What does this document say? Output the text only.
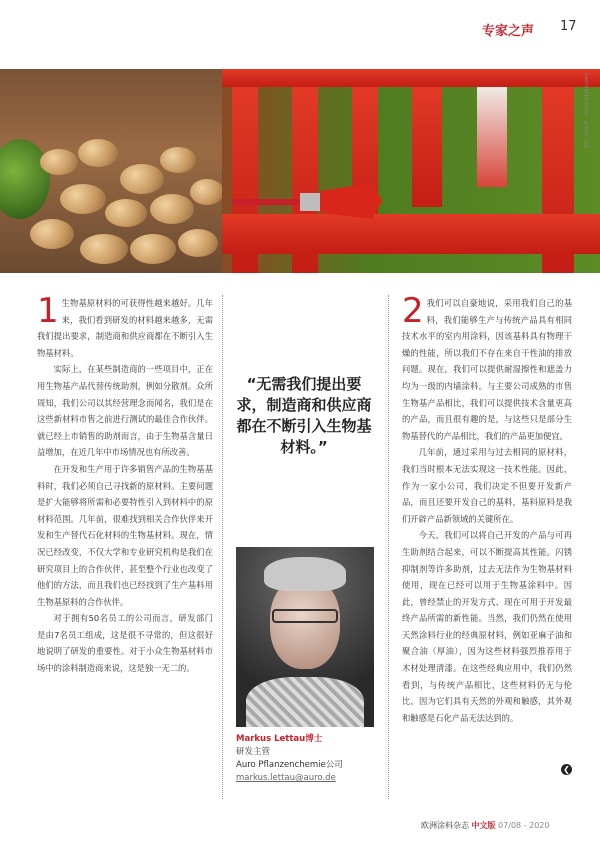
专家之声 17
图片 Inna V · stock.adobe.com

1 生物基原材料的可获得性越来越好。几年来，我们看到研发的材料越来越多，无需我们提出要求，制造商和供应商都在不断引入生物基材料。

实际上，在某些制造商的一些项目中，正在用生物基产品代替传统助剂，例如分散剂。众所周知，我们公司以其经营理念而闻名，我们是在这些新材料市售之前进行测试的最佳合作伙伴。就已经上市销售的助剂而言，由于生物基含量日益增加，在近几年中市场情况也有所改善。

在开发和生产用于许多销售产品的生物基基料时，我们必须自己寻找新的原材料。主要问题是扩大能够将所需和必要特性引入到材料中的原材料范围。几年前，很难找到相关合作伙伴来开发和生产替代石化材料的生物基材料。现在，情况已经改变，不仅大学和专业研究机构是我们在研究项目上的合作伙伴，甚至整个行业也改变了他们的方法，而且我们也已经找到了生产基料用生物基原料的合作伙伴。

对于拥有50名员工的公司而言，研发部门是由7名员工组成，这是很不寻常的，但这很好地说明了研发的重要性。对于小众生物基材料市场中的涂料制造商来说，这是独一无二的。

“无需我们提出要求，制造商和供应商都在不断引入生物基材料。”
Markus Lettau博士
研发主管
Auro Pflanzenchemie公司
markus.lettau@auro.de

2 我们可以自豪地说，采用我们自己的基料，我们能够生产与传统产品具有相同技术水平的室内用涂料，因该基料具有物理干燥的性能，所以我们不存在来自干性油的排放问题。现在，我们可以提供耐湿擦性和遮盖力均为一级的内墙涂料。与主要公司成熟的市售生物基产品相比，我们可以提供技术含量更高的产品，而且很有趣的是，与这些只是部分生物基替代的产品相比，我们的产品更加便宜。

几年前，通过采用与过去相同的原材料，我们当时根本无法实现这一技术性能。因此，作为一家小公司，我们决定不但要开发新产品，而且还要开发自己的基料，基料原料是我们开辟产品新领域的关键所在。

今天，我们可以将自己开发的产品与可再生助剂结合起来，可以不断提高其性能。闪锈抑制剂等许多助剂，过去无法作为生物基材料使用，现在已经可以用于生物基涂料中。因此，曾经禁止的开发方式、现在可用于开发最终产品所需的新性能。当然，我们仍然在使用天然涂料行业的经典原材料，例如亚麻子油和聚合油（厚油），因为这些材料强烈推荐用于木材处理清漆。在这些经典应用中，我们仍然看到，与传统产品相比，这些材料仍无与伦比，因为它们具有天然的外观和触感，其外观和触感是石化产品无法达到的。

❮
欧洲涂料杂志 中文版 07/08 - 2020
